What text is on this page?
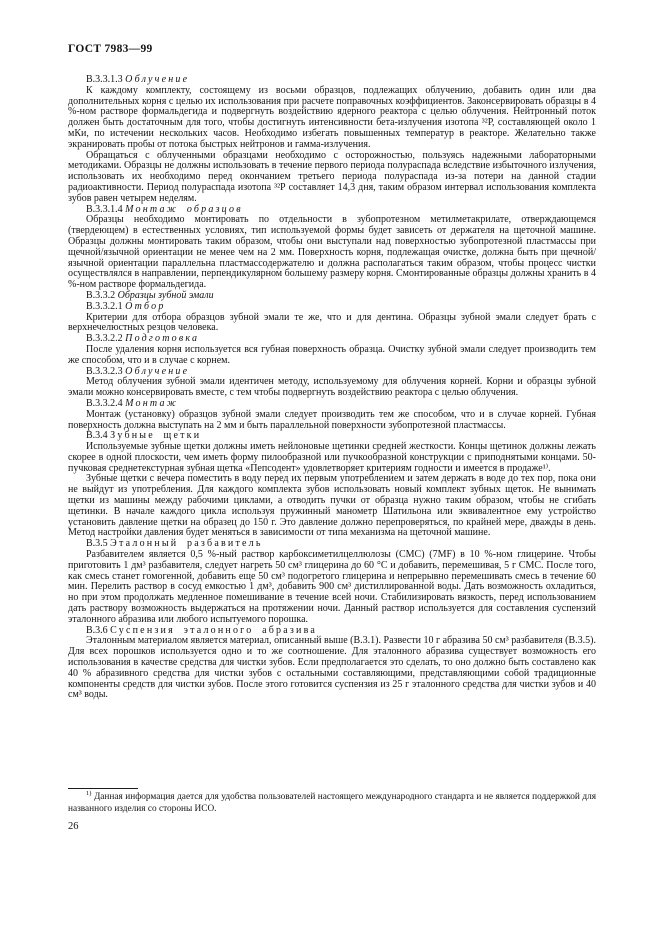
ГОСТ 7983—99

В.3.3.1.3 Облучение

К каждому комплекту, состоящему из восьми образцов, подлежащих облучению, добавить один или два дополнительных корня с целью их использования при расчете поправочных коэффициентов. Законсервировать образцы в 4 %-ном растворе формальдегида и подвергнуть воздействию ядерного реактора с целью облучения. Нейтронный поток должен быть достаточным для того, чтобы достигнуть интенсивности бета-излучения изотопа ³²Р, составляющей около 1 мКи, по истечении нескольких часов. Необходимо избегать повышенных температур в реакторе. Желательно также экранировать пробы от потока быстрых нейтронов и гамма-излучения.

Обращаться с облученными образцами необходимо с осторожностью, пользуясь надежными лабораторными методиками. Образцы не должны использовать в течение первого периода полураспада вследствие избыточного излучения, использовать их необходимо перед окончанием третьего периода полураспада из-за потери на данной стадии радиоактивности. Период полураспада изотопа ³²Р составляет 14,3 дня, таким образом интервал использования комплекта зубов равен четырем неделям.

В.3.3.1.4 Монтаж образцов

Образцы необходимо монтировать по отдельности в зубопротезном метилметакрилате, отверждающемся (твердеющем) в естественных условиях, тип используемой формы будет зависеть от держателя на щеточной машине. Образцы должны монтировать таким образом, чтобы они выступали над поверхностью зубопротезной пластмассы при щечной/язычной ориентации не менее чем на 2 мм. Поверхность корня, подлежащая очистке, должна быть при щечной/язычной ориентации параллельна пластмассодержателю и должна располагаться таким образом, чтобы процесс чистки осуществлялся в направлении, перпендикулярном большему размеру корня. Смонтированные образцы должны хранить в 4 %-ном растворе формальдегида.

В.3.3.2 Образцы зубной эмали

В.3.3.2.1 Отбор

Критерии для отбора образцов зубной эмали те же, что и для дентина. Образцы зубной эмали следует брать с верхнечелюстных резцов человека.

В.3.3.2.2 Подготовка

После удаления корня используется вся губная поверхность образца. Очистку зубной эмали следует производить тем же способом, что и в случае с корнем.

В.3.3.2.3 Облучение

Метод облучения зубной эмали идентичен методу, используемому для облучения корней. Корни и образцы зубной эмали можно консервировать вместе, с тем чтобы подвергнуть воздействию реактора с целью облучения.

В.3.3.2.4 Монтаж

Монтаж (установку) образцов зубной эмали следует производить тем же способом, что и в случае корней. Губная поверхность должна выступать на 2 мм и быть параллельной поверхности зубопротезной пластмассы.

В.3.4 Зубные щетки

Используемые зубные щетки должны иметь нейлоновые щетинки средней жесткости. Концы щетинок должны лежать скорее в одной плоскости, чем иметь форму пилообразной или пучкообразной конструкции с приподнятыми концами. 50-пучковая среднетекстурная зубная щетка «Пепсодент» удовлетворяет критериям годности и имеется в продаже¹⁾.

Зубные щетки с вечера поместить в воду перед их первым употреблением и затем держать в воде до тех пор, пока они не выйдут из употребления. Для каждого комплекта зубов использовать новый комплект зубных щеток. Не вынимать щетки из машины между рабочими циклами, а отводить пучки от образца нужно таким образом, чтобы не сгибать щетинки. В начале каждого цикла используя пружинный манометр Шатильона или эквивалентное ему устройство установить давление щетки на образец до 150 г. Это давление должно перепроверяться, по крайней мере, дважды в день. Метод настройки давления будет меняться в зависимости от типа механизма на щеточной машине.

В.3.5 Эталонный разбавитель

Разбавителем является 0,5 %-ный раствор карбоксиметилцеллюлозы (СМС) (7MF) в 10 %-ном глицерине. Чтобы приготовить 1 дм³ разбавителя, следует нагреть 50 см³ глицерина до 60 °С и добавить, перемешивая, 5 г СМС. После того, как смесь станет гомогенной, добавить еще 50 см³ подогретого глицерина и непрерывно перемешивать смесь в течение 60 мин. Перелить раствор в сосуд емкостью 1 дм³, добавить 900 см³ дистиллированной воды. Дать возможность охладиться, но при этом продолжать медленное помешивание в течение всей ночи. Стабилизировать вязкость, перед использованием дать раствору возможность выдержаться на протяжении ночи. Данный раствор используется для составления суспензий эталонного абразива или любого испытуемого порошка.

В.3.6 Суспензия эталонного абразива

Эталонным материалом является материал, описанный выше (В.3.1). Развести 10 г абразива 50 см³ разбавителя (В.3.5). Для всех порошков используется одно и то же соотношение. Для эталонного абразива существует возможность его использования в качестве средства для чистки зубов. Если предполагается это сделать, то оно должно быть составлено как 40 % абразивного средства для чистки зубов с остальными составляющими, представляющими собой традиционные компоненты средств для чистки зубов. После этого готовится суспензия из 25 г эталонного средства для чистки зубов и 40 см³ воды.

$^{1)}$ Данная информация дается для удобства пользователей настоящего международного стандарта и не является поддержкой для названного изделия со стороны ИСО.

26
